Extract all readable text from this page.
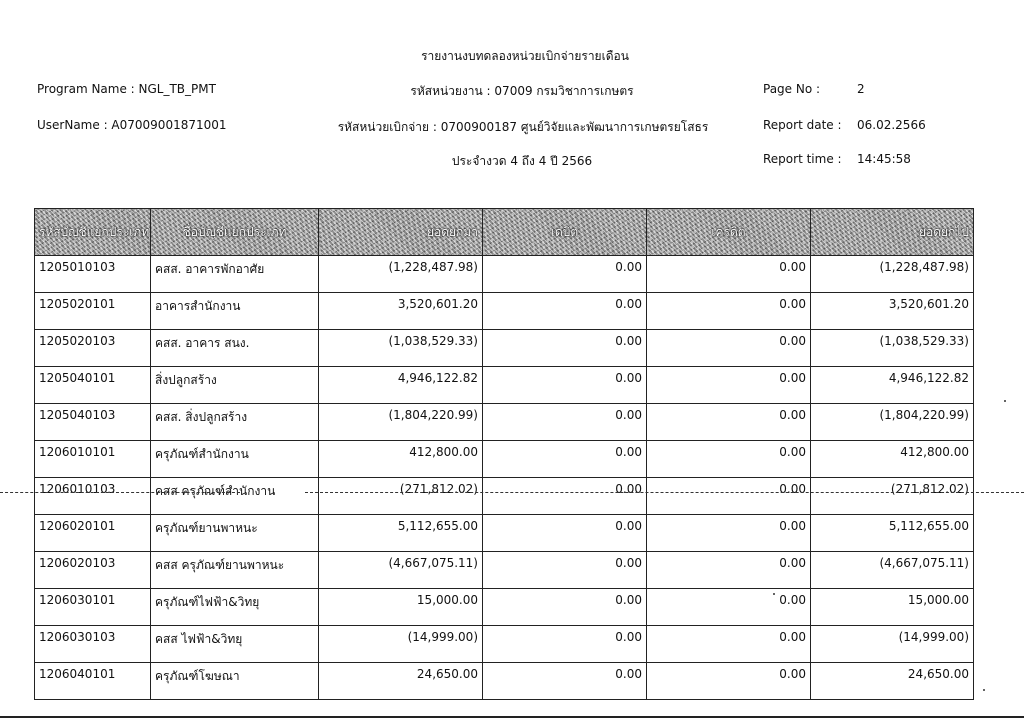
รายงานงบทดลองหน่วยเบิกจ่ายรายเดือน
Program Name : NGL_TB_PMT	รหัสหน่วยงาน : 07009 กรมวิชาการเกษตร	Page No :	2
UserName : A07009001871001	รหัสหน่วยเบิกจ่าย : 0700900187 ศูนย์วิจัยและพัฒนาการเกษตรยโสธร	Report date : 06.02.2566
ประจำงวด 4 ถึง 4 ปี 2566	Report time : 14:45:58
รหัสบัญชีแยกประเภท	ชื่อบัญชีแยกประเภท	ยอดยกมา	เดบิต	เครดิต	ยอดยกไป
1205010103	คสส. อาคารพักอาศัย	(1,228,487.98)	0.00	0.00	(1,228,487.98)
1205020101	อาคารสำนักงาน	3,520,601.20	0.00	0.00	3,520,601.20
1205020103	คสส. อาคาร สนง.	(1,038,529.33)	0.00	0.00	(1,038,529.33)
1205040101	สิ่งปลูกสร้าง	4,946,122.82	0.00	0.00	4,946,122.82
1205040103	คสส. สิ่งปลูกสร้าง	(1,804,220.99)	0.00	0.00	(1,804,220.99)
1206010101	ครุภัณฑ์สำนักงาน	412,800.00	0.00	0.00	412,800.00
1206010103	คสส ครุภัณฑ์สำนักงาน	(271,812.02)	0.00	0.00	(271,812.02)
1206020101	ครุภัณฑ์ยานพาหนะ	5,112,655.00	0.00	0.00	5,112,655.00
1206020103	คสส ครุภัณฑ์ยานพาหนะ	(4,667,075.11)	0.00	0.00	(4,667,075.11)
1206030101	ครุภัณฑ์ไฟฟ้า&วิทยุ	15,000.00	0.00	0.00	15,000.00
1206030103	คสส ไฟฟ้า&วิทยุ	(14,999.00)	0.00	0.00	(14,999.00)
1206040101	ครุภัณฑ์โฆษณา	24,650.00	0.00	0.00	24,650.00
